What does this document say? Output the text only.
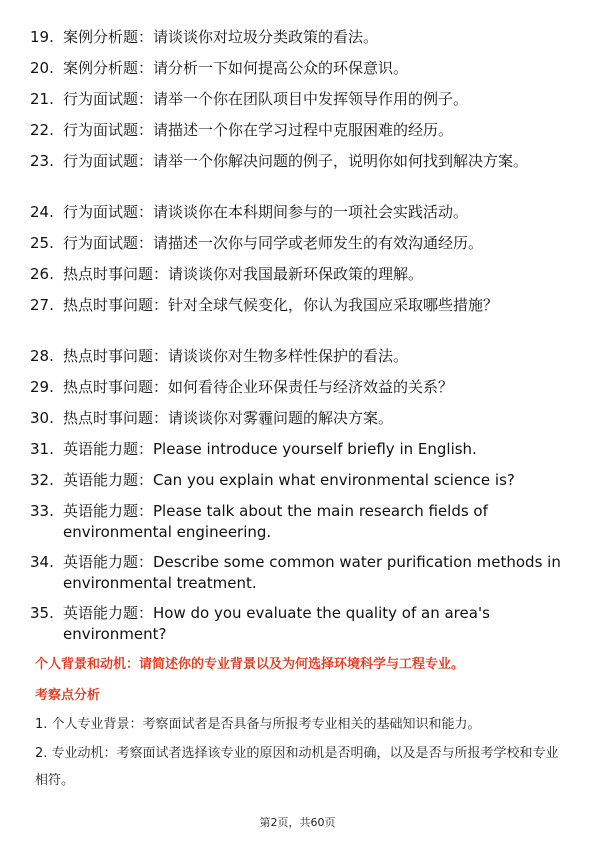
19. 案例分析题：请谈谈你对垃圾分类政策的看法。
20. 案例分析题：请分析一下如何提高公众的环保意识。
21. 行为面试题：请举一个你在团队项目中发挥领导作用的例子。
22. 行为面试题：请描述一个你在学习过程中克服困难的经历。
23. 行为面试题：请举一个你解决问题的例子，说明你如何找到解决方案。
24. 行为面试题：请谈谈你在本科期间参与的一项社会实践活动。
25. 行为面试题：请描述一次你与同学或老师发生的有效沟通经历。
26. 热点时事问题：请谈谈你对我国最新环保政策的理解。
27. 热点时事问题：针对全球气候变化，你认为我国应采取哪些措施？
28. 热点时事问题：请谈谈你对生物多样性保护的看法。
29. 热点时事问题：如何看待企业环保责任与经济效益的关系？
30. 热点时事问题：请谈谈你对雾霾问题的解决方案。
31. 英语能力题：Please introduce yourself briefly in English.
32. 英语能力题：Can you explain what environmental science is?
33. 英语能力题：Please talk about the main research fields of environmental engineering.
34. 英语能力题：Describe some common water purification methods in environmental treatment.
35. 英语能力题：How do you evaluate the quality of an area's environment?
个人背景和动机：请简述你的专业背景以及为何选择环境科学与工程专业。
考察点分析
1. 个人专业背景：考察面试者是否具备与所报考专业相关的基础知识和能力。
2. 专业动机：考察面试者选择该专业的原因和动机是否明确，以及是否与所报考学校和专业相符。
第2页，共60页
